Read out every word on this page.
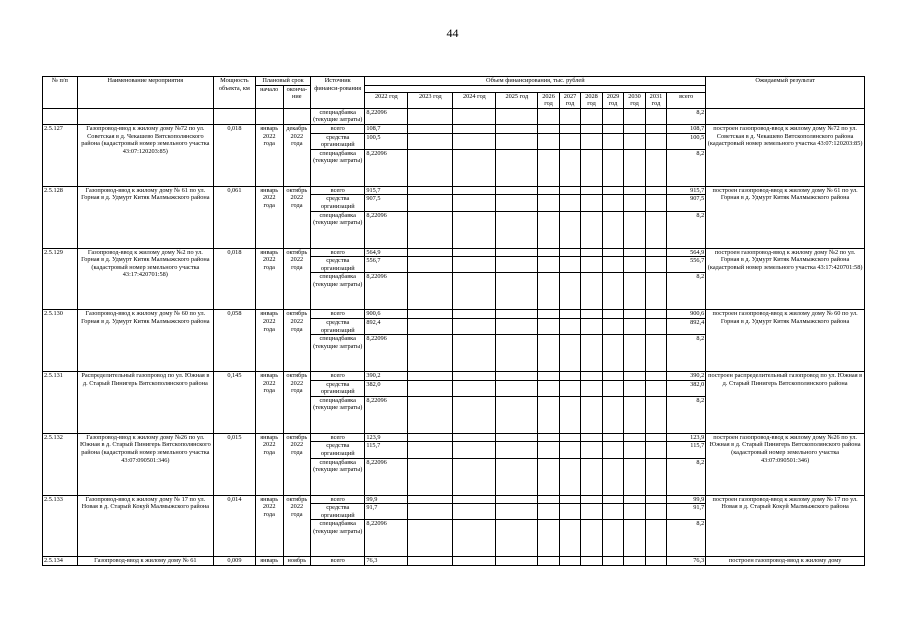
44
№ п/п	Наименование мероприятия	Мощность объекта, км	Плановый срок		Источник финанси-рования	Объем финансирования, тыс. рублей											Ожидаемый результат
			начало	оконча-ние													
						2022 год	2023 год	2024 год	2025 год	2026 год	2027 год	2028 год	2029 год	2030 год	2031 год	всего	
					спецнадбавка (текущие затраты)	8,22096										8,2	
2.5.127	Газопровод-ввод к жилому дому №72 по ул. Советская в д. Чекашево Вятскополянского района (кадастровый номер земельного участка 43:07:120203:85)	0,018	январь 2022 года	декабрь 2022 года	всего	108,7										108,7	построен газопровод-ввод к жилому дому №72 по ул. Советская в д. Чекашево Вятскополянского района (кадастровый номер земельного участка 43:07:120203:85)
					средства организаций	100,5										100,5	
					спецнадбавка (текущие затраты)	8,22096										8,2	
2.5.128	Газопровод-ввод к жилому дому № 61 по ул. Горная в д. Удмурт Китяк Малмыжского района	0,061	январь 2022 года	октябрь 2022 года	всего	915,7										915,7	построен газопровод-ввод к жилому дому № 61 по ул. Горная в д. Удмурт Китяк Малмыжского района
					средства организаций	907,5										907,5	
					спецнадбавка (текущие затраты)	8,22096										8,2	
2.5.129	Газопровод-ввод к жилому дому №2 по ул. Горная в д. Удмурт Китяк Малмыжского района (кадастровый номер земельного участка 43:17:420701:58)	0,018	январь 2022 года	октябрь 2022 года	всего	564,9										564,9	построен газопровод-ввод к жилому дому №2 по ул. Горная в д. Удмурт Китяк Малмыжского района (кадастровый номер земельного участка 43:17:420701:58)
					средства организаций	556,7										556,7	
					спецнадбавка (текущие затраты)	8,22096										8,2	
2.5.130	Газопровод-ввод к жилому дому № 60 по ул. Горная в д. Удмурт Китяк Малмыжского района	0,058	январь 2022 года	октябрь 2022 года	всего	900,6										900,6	построен газопровод-ввод к жилому дому № 60 по ул. Горная в д. Удмурт Китяк Малмыжского района
					средства организаций	892,4										892,4	
					спецнадбавка (текущие затраты)	8,22096										8,2	
2.5.131	Распределительный газопровод по ул. Южная в д. Старый Пинигерь Вятскополянского района	0,145	январь 2022 года	октябрь 2022 года	всего	390,2										390,2	построен распределительный газопровод по ул. Южная в д. Старый Пинигерь Вятскополянского района
					средства организаций	382,0										382,0	
					спецнадбавка (текущие затраты)	8,22096										8,2	
2.5.132	Газопровод-ввод к жилому дому №26 по ул. Южная в д. Старый Пинигерь Вятскополянского района (кадастровый номер земельного участка 43:07:090501:346)	0,015	январь 2022 года	октябрь 2022 года	всего	123,9										123,9	построен газопровод-ввод к жилому дому №26 по ул. Южная в д. Старый Пинигерь Вятскополянского района (кадастровый номер земельного участка 43:07:090501:346)
					средства организаций	115,7										115,7	
					спецнадбавка (текущие затраты)	8,22096										8,2	
2.5.133	Газопровод-ввод к жилому дому № 17 по ул. Новая в д. Старый Кокуй Малмыжского района	0,014	январь 2022 года	октябрь 2022 года	всего	99,9										99,9	построен газопровод-ввод к жилому дому № 17 по ул. Новая в д. Старый Кокуй Малмыжского района
					средства организаций	91,7										91,7	
					спецнадбавка (текущие затраты)	8,22096										8,2	
2.5.134	Газопровод-ввод к жилому дому № 61	0,009	январь	ноябрь	всего	76,3										76,3	построен газопровод-ввод к жилому дому
